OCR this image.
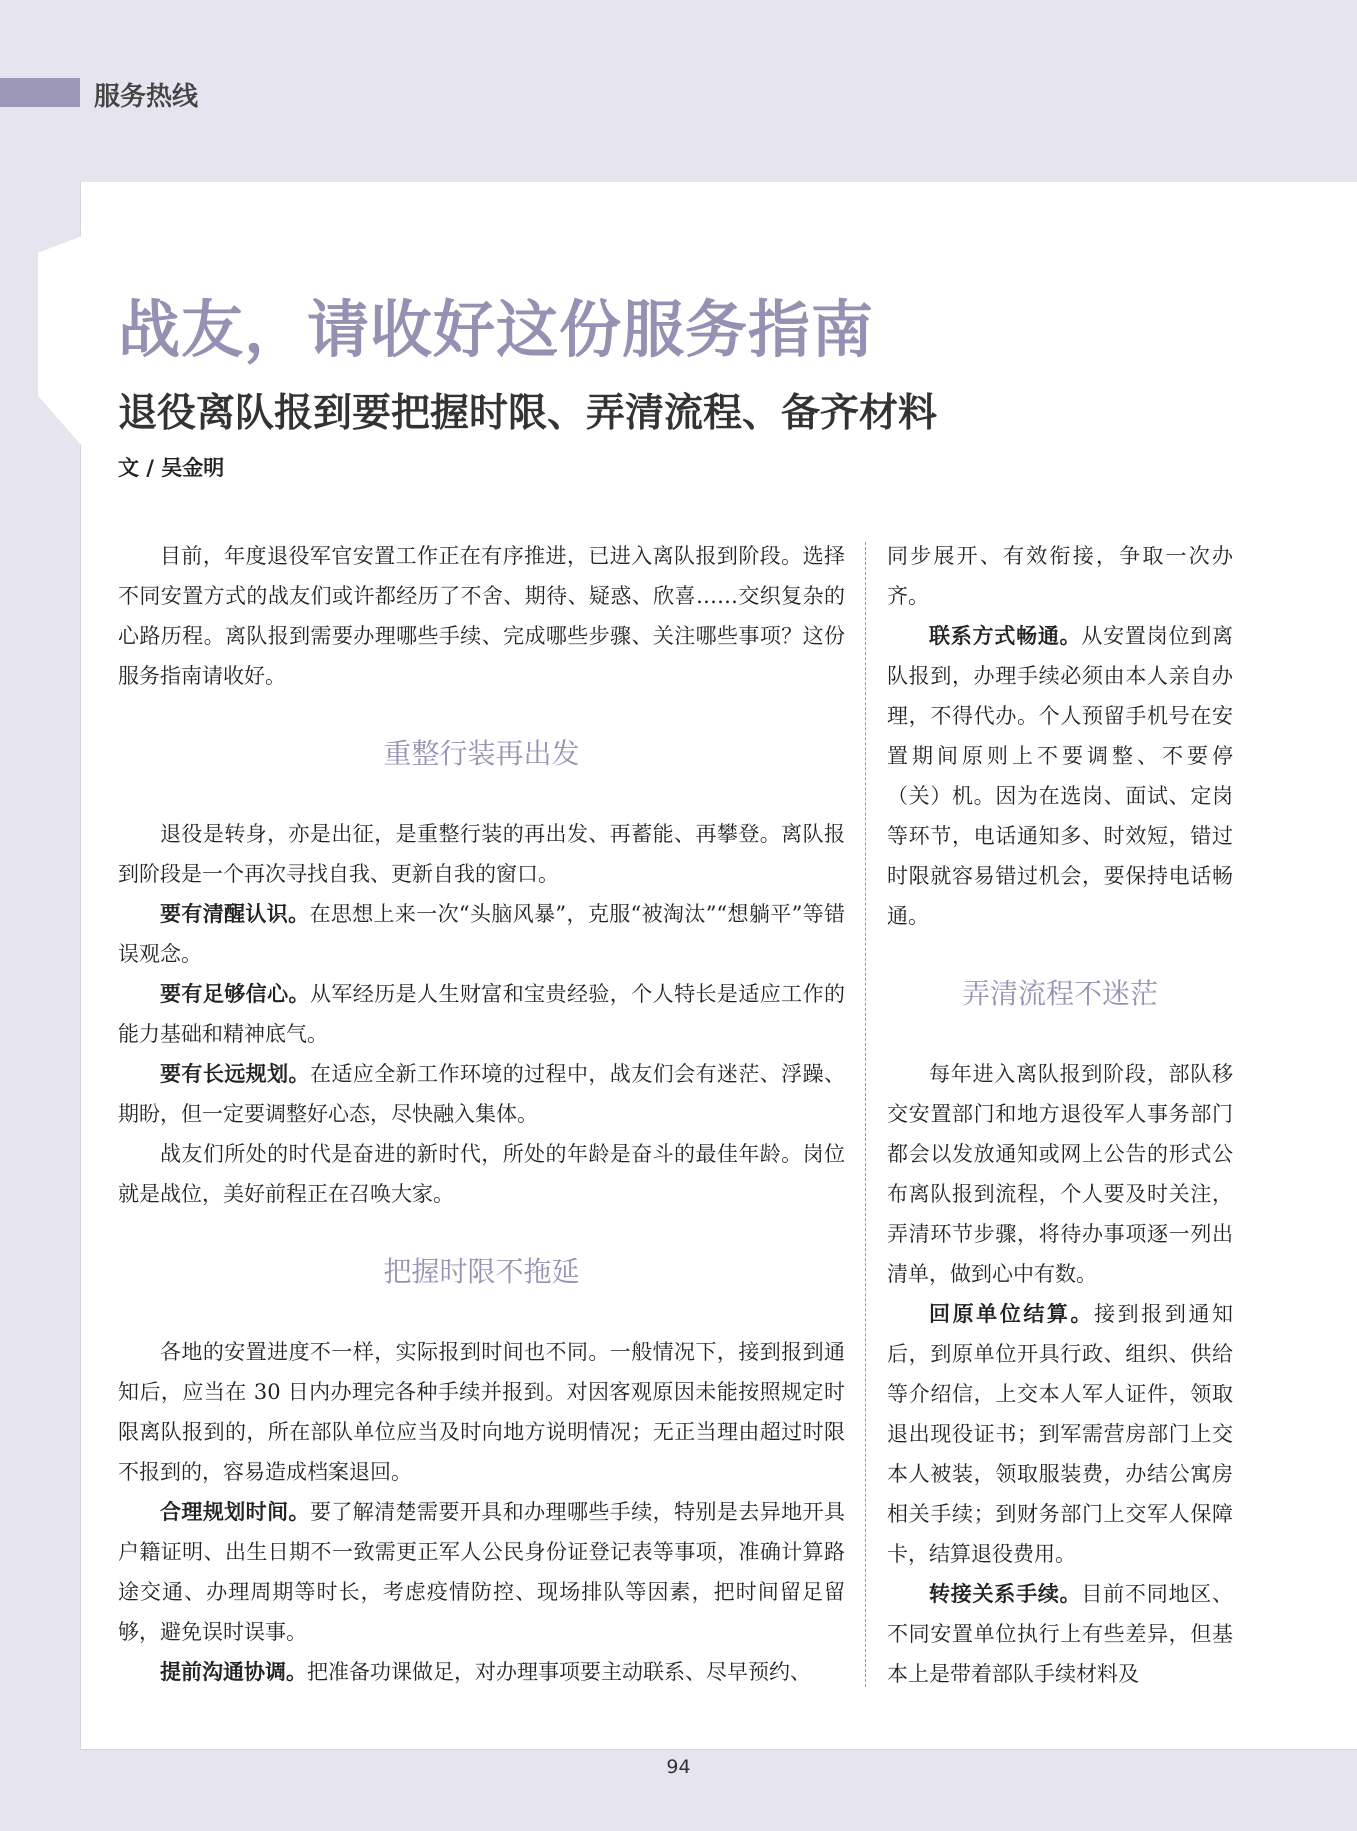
服务热线
战友，请收好这份服务指南
退役离队报到要把握时限、弄清流程、备齐材料
文 / 吴金明

目前，年度退役军官安置工作正在有序推进，已进入离队报到阶段。选择不同安置方式的战友们或许都经历了不舍、期待、疑惑、欣喜……交织复杂的心路历程。离队报到需要办理哪些手续、完成哪些步骤、关注哪些事项？这份服务指南请收好。

重整行装再出发

退役是转身，亦是出征，是重整行装的再出发、再蓄能、再攀登。离队报到阶段是一个再次寻找自我、更新自我的窗口。

要有清醒认识。在思想上来一次“头脑风暴”，克服“被淘汰”“想躺平”等错误观念。

要有足够信心。从军经历是人生财富和宝贵经验，个人特长是适应工作的能力基础和精神底气。

要有长远规划。在适应全新工作环境的过程中，战友们会有迷茫、浮躁、期盼，但一定要调整好心态，尽快融入集体。

战友们所处的时代是奋进的新时代，所处的年龄是奋斗的最佳年龄。岗位就是战位，美好前程正在召唤大家。

把握时限不拖延

各地的安置进度不一样，实际报到时间也不同。一般情况下，接到报到通知后，应当在 30 日内办理完各种手续并报到。对因客观原因未能按照规定时限离队报到的，所在部队单位应当及时向地方说明情况；无正当理由超过时限不报到的，容易造成档案退回。

合理规划时间。要了解清楚需要开具和办理哪些手续，特别是去异地开具户籍证明、出生日期不一致需更正军人公民身份证登记表等事项，准确计算路途交通、办理周期等时长，考虑疫情防控、现场排队等因素，把时间留足留够，避免误时误事。

提前沟通协调。把准备功课做足，对办理事项要主动联系、尽早预约、

同步展开、有效衔接，争取一次办齐。

联系方式畅通。从安置岗位到离队报到，办理手续必须由本人亲自办理，不得代办。个人预留手机号在安置期间原则上不要调整、不要停（关）机。因为在选岗、面试、定岗等环节，电话通知多、时效短，错过时限就容易错过机会，要保持电话畅通。

弄清流程不迷茫

每年进入离队报到阶段，部队移交安置部门和地方退役军人事务部门都会以发放通知或网上公告的形式公布离队报到流程，个人要及时关注，弄清环节步骤，将待办事项逐一列出清单，做到心中有数。

回原单位结算。接到报到通知后，到原单位开具行政、组织、供给等介绍信，上交本人军人证件，领取退出现役证书；到军需营房部门上交本人被装，领取服装费，办结公寓房相关手续；到财务部门上交军人保障卡，结算退役费用。

转接关系手续。目前不同地区、不同安置单位执行上有些差异，但基本上是带着部队手续材料及

94
